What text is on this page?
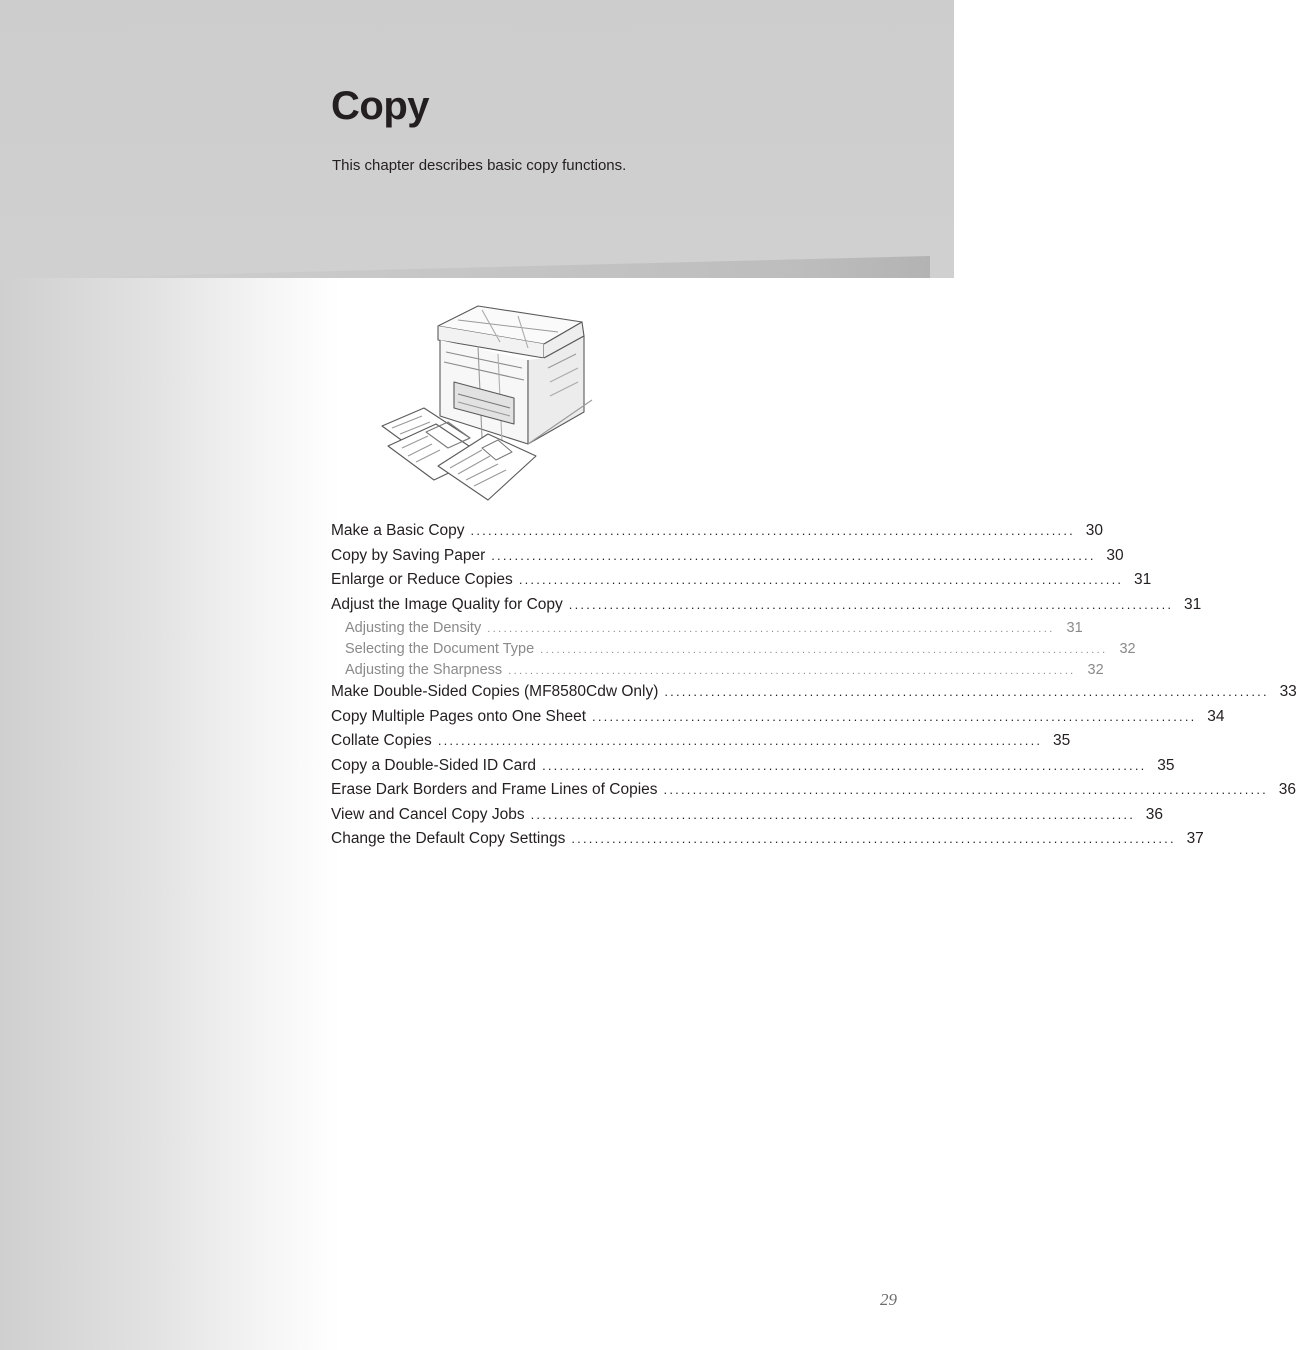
Copy

This chapter describes basic copy functions.

Make a Basic Copy ........................................................................................................ 30
Copy by Saving Paper ........................................................................................................ 30
Enlarge or Reduce Copies ........................................................................................................ 31
Adjust the Image Quality for Copy ........................................................................................................ 31
Adjusting the Density ........................................................................................................ 31
Selecting the Document Type ........................................................................................................ 32
Adjusting the Sharpness ........................................................................................................ 32
Make Double-Sided Copies (MF8580Cdw Only) ........................................................................................................ 33
Copy Multiple Pages onto One Sheet ........................................................................................................ 34
Collate Copies ........................................................................................................ 35
Copy a Double-Sided ID Card ........................................................................................................ 35
Erase Dark Borders and Frame Lines of Copies ........................................................................................................ 36
View and Cancel Copy Jobs ........................................................................................................ 36
Change the Default Copy Settings ........................................................................................................ 37
29
